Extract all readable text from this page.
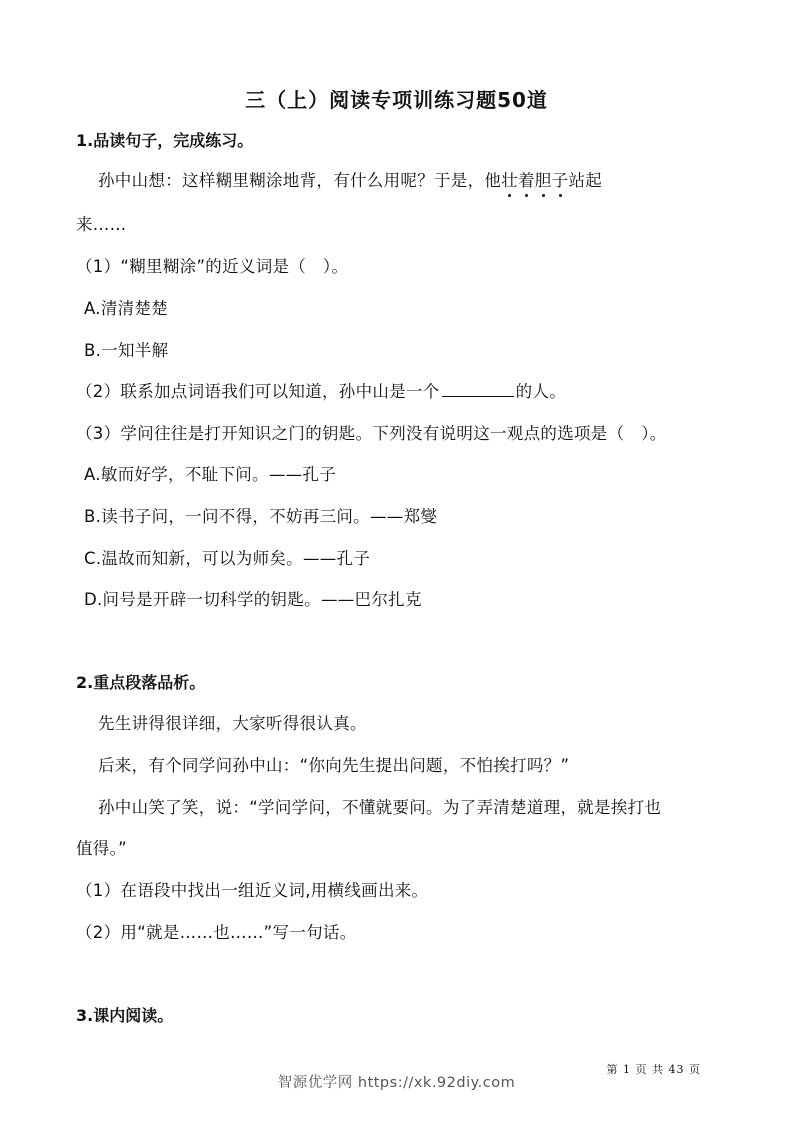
三（上）阅读专项训练习题50道
1.品读句子，完成练习。
孙中山想：这样糊里糊涂地背，有什么用呢？于是，他壮着胆子站起
来……
（1）“糊里糊涂”的近义词是（　）。
A.清清楚楚
B.一知半解
（2）联系加点词语我们可以知道，孙中山是一个	的人。
（3）学问往往是打开知识之门的钥匙。下列没有说明这一观点的选项是（　）。
A.敏而好学，不耻下问。——孔子
B.读书子问，一问不得，不妨再三问。——郑燮
C.温故而知新，可以为师矣。——孔子
D.问号是开辟一切科学的钥匙。——巴尔扎克
2.重点段落品析。
先生讲得很详细，大家听得很认真。
后来，有个同学问孙中山：“你向先生提出问题，不怕挨打吗？”
孙中山笑了笑，说：“学问学问，不懂就要问。为了弄清楚道理，就是挨打也
值得。”
（1）在语段中找出一组近义词,用横线画出来。
（2）用“就是……也……”写一句话。
3.课内阅读。
第 1 页 共 43 页
智源优学网 https://xk.92diy.com
